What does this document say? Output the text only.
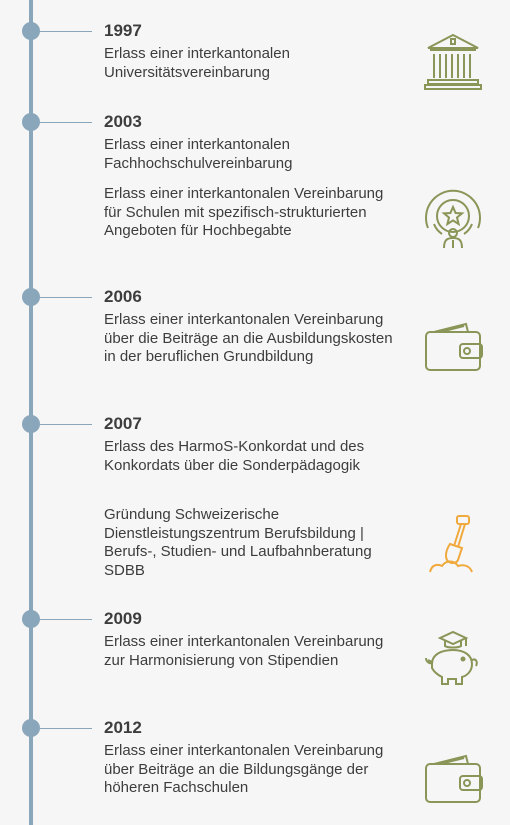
1997

Erlass einer interkantonalen Universitätsvereinbarung

2003

Erlass einer interkantonalen Fachhochschulvereinbarung

Erlass einer interkantonalen Vereinbarung für Schulen mit spezifisch-strukturierten Angeboten für Hochbegabte

2006

Erlass einer interkantonalen Vereinbarung über die Beiträge an die Ausbildungskosten in der beruflichen Grundbildung

2007

Erlass des HarmoS-Konkordat und des Konkordats über die Sonderpädagogik

Gründung Schweizerische Dienstleistungszentrum Berufsbildung | Berufs-, Studien- und Laufbahnberatung SDBB

2009

Erlass einer interkantonalen Vereinbarung zur Harmonisierung von Stipendien

2012

Erlass einer interkantonalen Vereinbarung über Beiträge an die Bildungsgänge der höheren Fachschulen
